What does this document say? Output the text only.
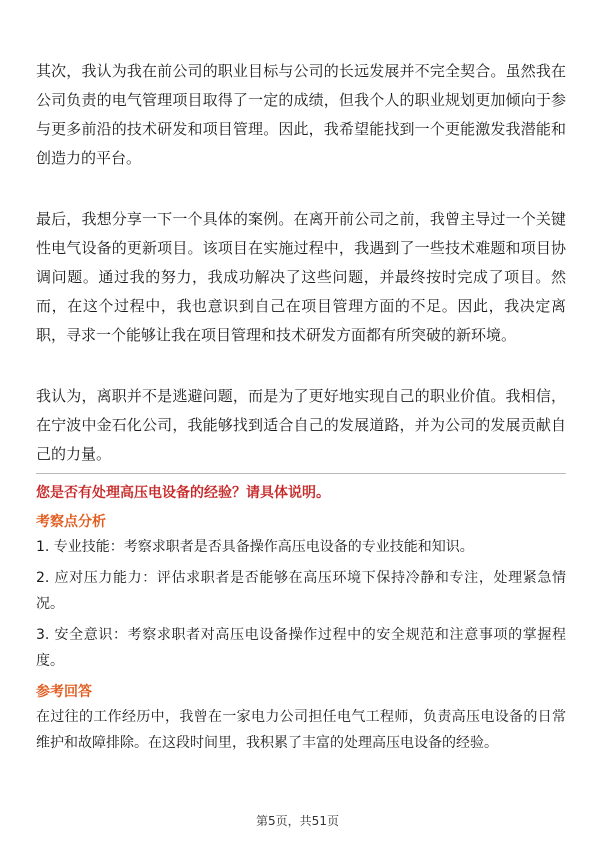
其次，我认为我在前公司的职业目标与公司的长远发展并不完全契合。虽然我在公司负责的电气管理项目取得了一定的成绩，但我个人的职业规划更加倾向于参与更多前沿的技术研发和项目管理。因此，我希望能找到一个更能激发我潜能和创造力的平台。

最后，我想分享一下一个具体的案例。在离开前公司之前，我曾主导过一个关键性电气设备的更新项目。该项目在实施过程中，我遇到了一些技术难题和项目协调问题。通过我的努力，我成功解决了这些问题，并最终按时完成了项目。然而，在这个过程中，我也意识到自己在项目管理方面的不足。因此，我决定离职，寻求一个能够让我在项目管理和技术研发方面都有所突破的新环境。

我认为，离职并不是逃避问题，而是为了更好地实现自己的职业价值。我相信，在宁波中金石化公司，我能够找到适合自己的发展道路，并为公司的发展贡献自己的力量。

您是否有处理高压电设备的经验？请具体说明。

考察点分析

1. 专业技能：考察求职者是否具备操作高压电设备的专业技能和知识。
2. 应对压力能力：评估求职者是否能够在高压环境下保持冷静和专注，处理紧急情况。
3. 安全意识：考察求职者对高压电设备操作过程中的安全规范和注意事项的掌握程度。

参考回答

在过往的工作经历中，我曾在一家电力公司担任电气工程师，负责高压电设备的日常维护和故障排除。在这段时间里，我积累了丰富的处理高压电设备的经验。

第5页，共51页
